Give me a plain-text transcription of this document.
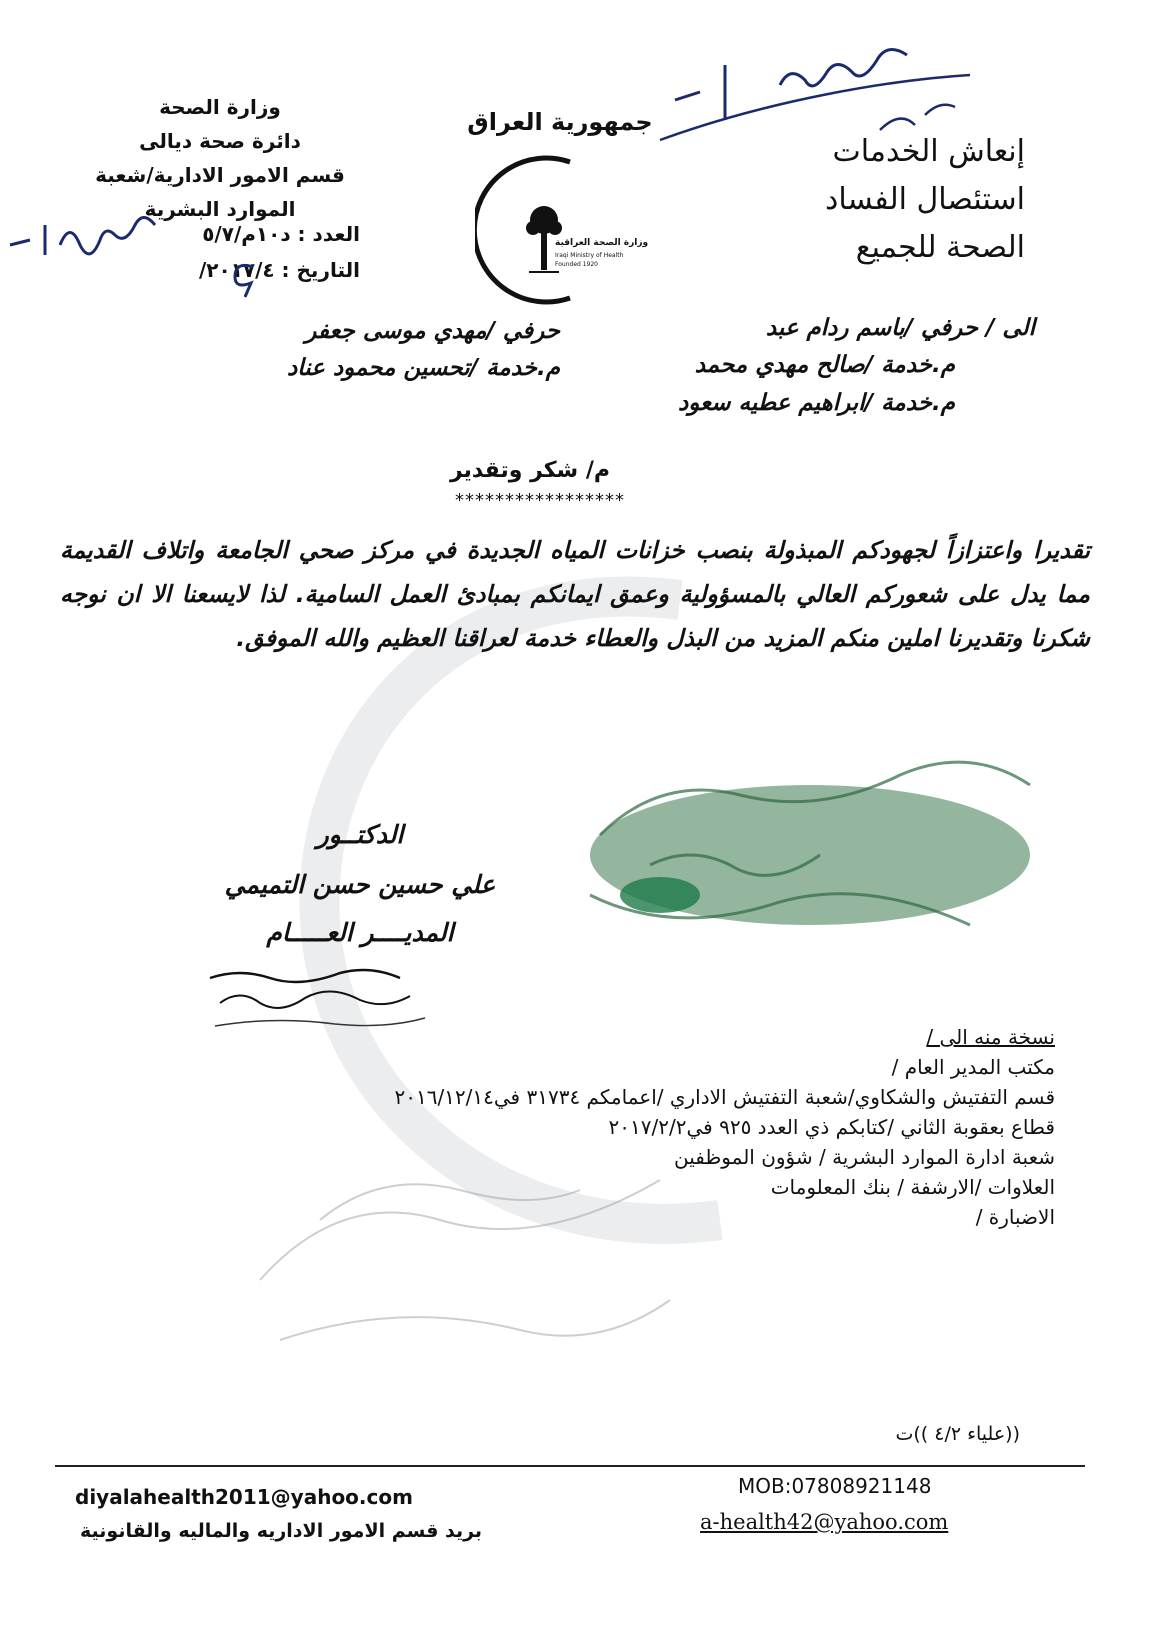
وزارة الصحة
دائرة صحة ديالى
قسم الامور الادارية/شعبة
الموارد البشرية
العدد : د١٠م/٥/٧
التاريخ : ٢٠١٧/٤/
جمهورية العراق
وزارة الصحة العراقية
Iraqi Ministry of Health
Founded 1920
إنعاش الخدمات
استئصال الفساد
الصحة للجميع
الى / حرفي /باسم ردام عبد
م.خدمة /صالح مهدي محمد
م.خدمة /ابراهيم عطيه سعود
حرفي /مهدي موسى جعفر
م.خدمة /تحسين محمود عناد
م/ شكر وتقدير
*****************

تقديرا واعتزازاً لجهودكم المبذولة بنصب خزانات المياه الجديدة في مركز صحي الجامعة واتلاف القديمة مما يدل على شعوركم العالي بالمسؤولية وعمق ايمانكم بمبادئ العمل السامية. لذا لايسعنا الا ان نوجه شكرنا وتقديرنا املين منكم المزيد من البذل والعطاء خدمة لعراقنا العظيم والله الموفق.

الدكتــور
علي حسين حسن التميمي
المديــــر العـــــام
نسخة منه الى /
مكتب المدير العام /
قسم التفتيش والشكاوي/شعبة التفتيش الاداري /اعمامكم ٣١٧٣٤ في٢٠١٦/١٢/١٤
قطاع بعقوبة الثاني /كتابكم ذي العدد ٩٢٥ في٢٠١٧/٢/٢
شعبة ادارة الموارد البشرية / شؤون الموظفين
العلاوات /الارشفة / بنك المعلومات
الاضبارة /
((علياء ٤/٢ ))ت
MOB:07808921148
a-health42@yahoo.com
diyalahealth2011@yahoo.com
بريد قسم الامور الاداريه والماليه والقانونية
